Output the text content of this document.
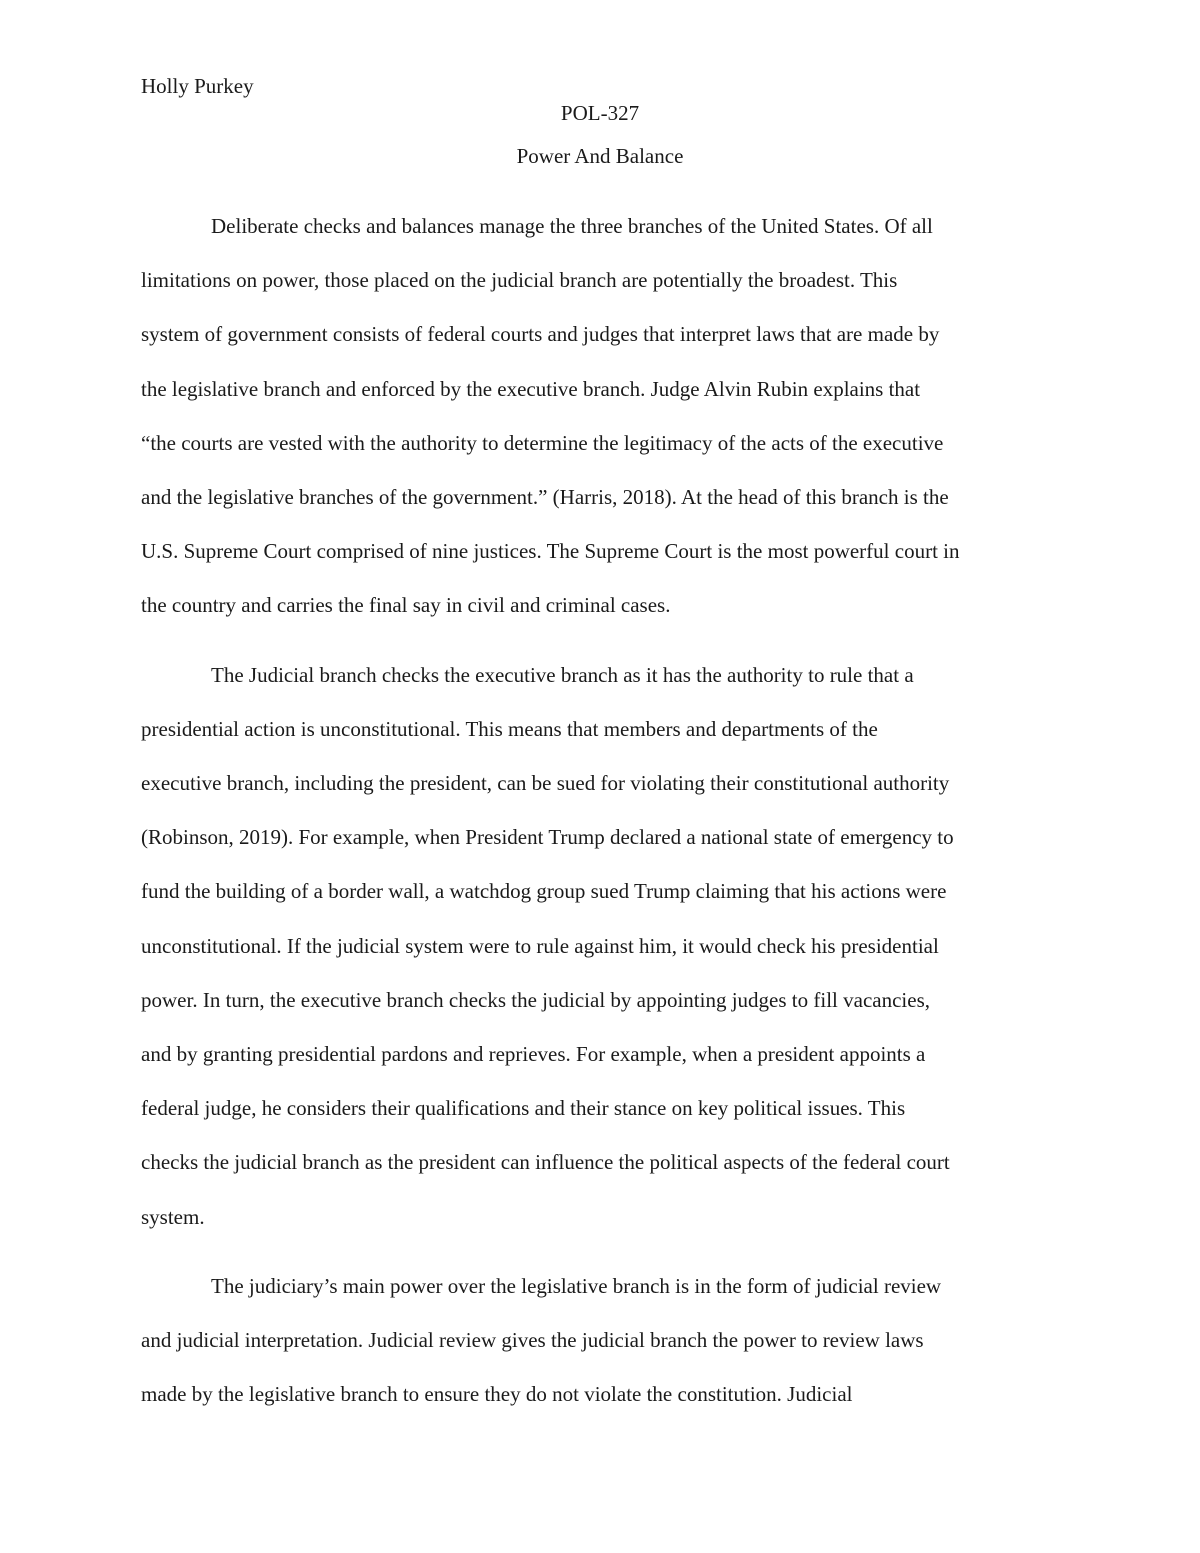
Holly Purkey
POL-327
Power And Balance

Deliberate checks and balances manage the three branches of the United States. Of all
limitations on power, those placed on the judicial branch are potentially the broadest. This
system of government consists of federal courts and judges that interpret laws that are made by
the legislative branch and enforced by the executive branch. Judge Alvin Rubin explains that
“the courts are vested with the authority to determine the legitimacy of the acts of the executive
and the legislative branches of the government.” (Harris, 2018). At the head of this branch is the
U.S. Supreme Court comprised of nine justices. The Supreme Court is the most powerful court in
the country and carries the final say in civil and criminal cases.

The Judicial branch checks the executive branch as it has the authority to rule that a
presidential action is unconstitutional. This means that members and departments of the
executive branch, including the president, can be sued for violating their constitutional authority
(Robinson, 2019). For example, when President Trump declared a national state of emergency to
fund the building of a border wall, a watchdog group sued Trump claiming that his actions were
unconstitutional. If the judicial system were to rule against him, it would check his presidential
power. In turn, the executive branch checks the judicial by appointing judges to fill vacancies,
and by granting presidential pardons and reprieves. For example, when a president appoints a
federal judge, he considers their qualifications and their stance on key political issues. This
checks the judicial branch as the president can influence the political aspects of the federal court
system.

The judiciary’s main power over the legislative branch is in the form of judicial review
and judicial interpretation. Judicial review gives the judicial branch the power to review laws
made by the legislative branch to ensure they do not violate the constitution. Judicial
